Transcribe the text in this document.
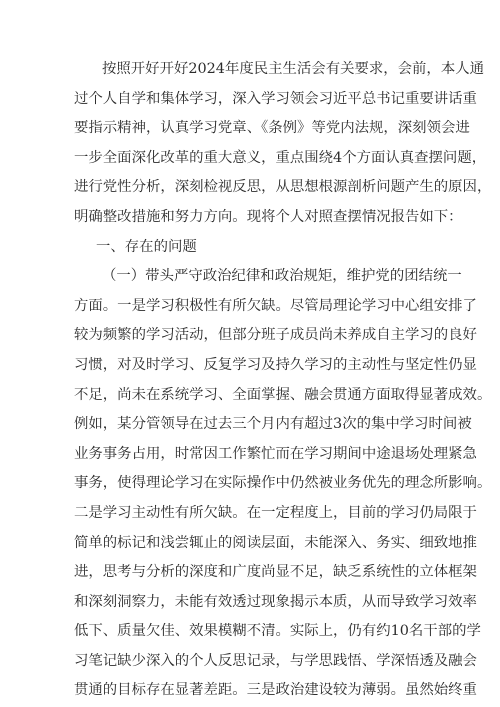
按照开好开好2024年度民主生活会有关要求，会前，本人通
过个人自学和集体学习，深入学习领会习近平总书记重要讲话重
要指示精神，认真学习党章、《条例》等党内法规，深刻领会进
一步全面深化改革的重大意义，重点围绕4个方面认真查摆问题，
进行党性分析，深刻检视反思，从思想根源剖析问题产生的原因，
明确整改措施和努力方向。现将个人对照查摆情况报告如下：
一、存在的问题
（一）带头严守政治纪律和政治规矩，维护党的团结统一
方面。一是学习积极性有所欠缺。尽管局理论学习中心组安排了
较为频繁的学习活动，但部分班子成员尚未养成自主学习的良好
习惯，对及时学习、反复学习及持久学习的主动性与坚定性仍显
不足，尚未在系统学习、全面掌握、融会贯通方面取得显著成效。
例如，某分管领导在过去三个月内有超过3次的集中学习时间被
业务事务占用，时常因工作繁忙而在学习期间中途退场处理紧急
事务，使得理论学习在实际操作中仍然被业务优先的理念所影响。
二是学习主动性有所欠缺。在一定程度上，目前的学习仍局限于
简单的标记和浅尝辄止的阅读层面，未能深入、务实、细致地推
进，思考与分析的深度和广度尚显不足，缺乏系统性的立体框架
和深刻洞察力，未能有效透过现象揭示本质，从而导致学习效率
低下、质量欠佳、效果模糊不清。实际上，仍有约10名干部的学
习笔记缺少深入的个人反思记录，与学思践悟、学深悟透及融会
贯通的目标存在显著差距。三是政治建设较为薄弱。虽然始终重
